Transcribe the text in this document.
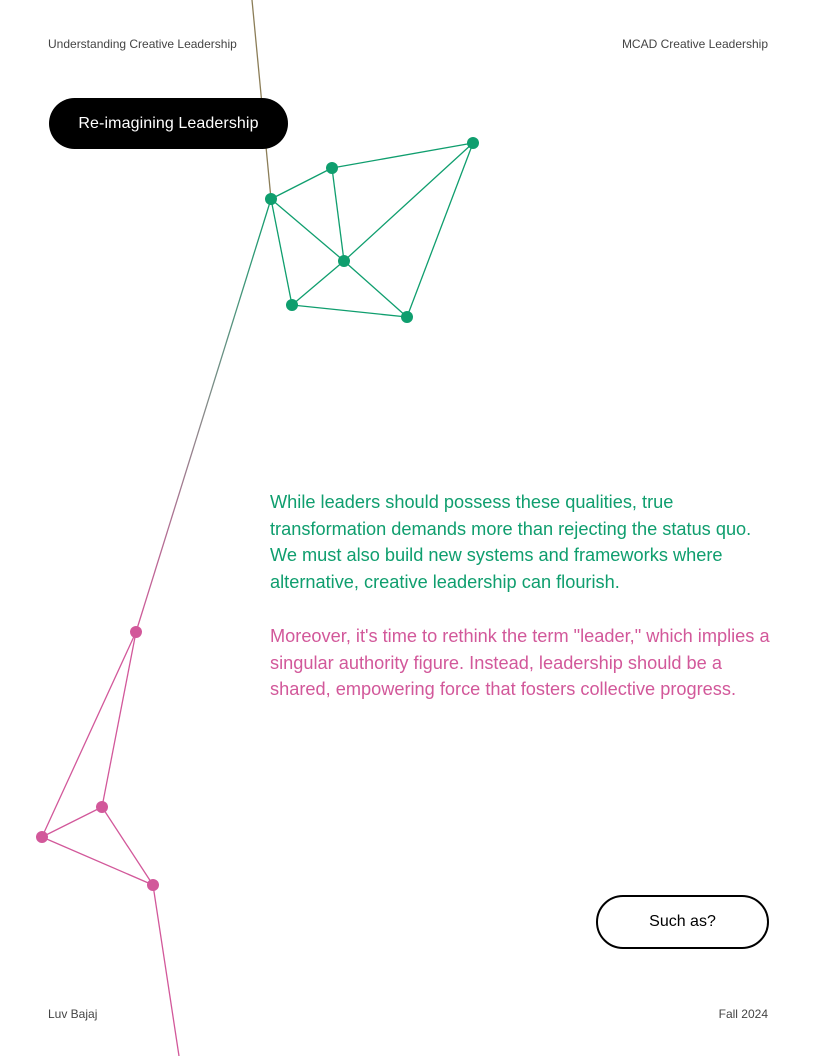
Understanding Creative Leadership	MCAD Creative Leadership
Re-imagining Leadership

While leaders should possess these qualities, true transformation demands more than rejecting the status quo. We must also build new systems and frameworks where alternative, creative leadership can flourish.

Moreover, it's time to rethink the term "leader," which implies a singular authority figure. Instead, leadership should be a shared, empowering force that fosters collective progress.

Such as?
Luv Bajaj	Fall 2024
